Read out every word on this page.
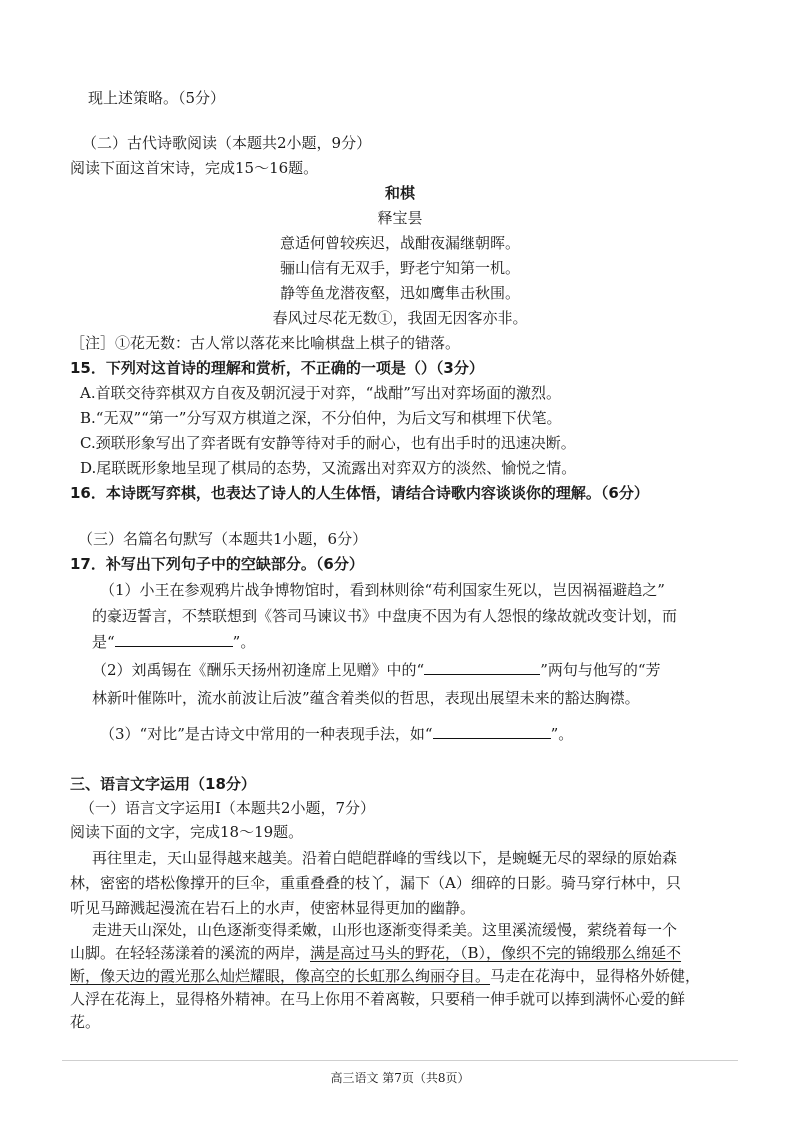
现上述策略。（5分）
（二）古代诗歌阅读（本题共2小题，9分）
阅读下面这首宋诗，完成15～16题。
和棋
释宝昙
意适何曾较疾迟，战酣夜漏继朝晖。
骊山信有无双手，野老宁知第一机。
静等鱼龙潜夜壑，迅如鹰隼击秋围。
春风过尽花无数①，我固无因客亦非。
［注］①花无数：古人常以落花来比喻棋盘上棋子的错落。
15．下列对这首诗的理解和赏析，不正确的一项是（）（3分）
A.首联交待弈棋双方自夜及朝沉浸于对弈，“战酣”写出对弈场面的激烈。
B.“无双”“第一”分写双方棋道之深，不分伯仲，为后文写和棋埋下伏笔。
C.颈联形象写出了弈者既有安静等待对手的耐心，也有出手时的迅速决断。
D.尾联既形象地呈现了棋局的态势，又流露出对弈双方的淡然、愉悦之情。
16．本诗既写弈棋，也表达了诗人的人生体悟，请结合诗歌内容谈谈你的理解。（6分）
（三）名篇名句默写（本题共1小题，6分）
17．补写出下列句子中的空缺部分。（6分）
（1）小王在参观鸦片战争博物馆时，看到林则徐“苟利国家生死以，岂因祸福避趋之”
的豪迈誓言，不禁联想到《答司马谏议书》中盘庚不因为有人怨恨的缘故就改变计划，而
是“	”。
（2）刘禹锡在《酬乐天扬州初逢席上见赠》中的“	”两句与他写的“芳
林新叶催陈叶，流水前波让后波”蕴含着类似的哲思，表现出展望未来的豁达胸襟。
（3）“对比”是古诗文中常用的一种表现手法，如“	”。
三、语言文字运用（18分）
（一）语言文字运用Ⅰ（本题共2小题，7分）
阅读下面的文字，完成18～19题。
再往里走，天山显得越来越美。沿着白皑皑群峰的雪线以下，是蜿蜒无尽的翠绿的原始森
林，密密的塔松像撑开的巨伞，重重叠叠的枝丫，漏下（A）细碎的日影。骑马穿行林中，只
听见马蹄溅起漫流在岩石上的水声，使密林显得更加的幽静。
走进天山深处，山色逐渐变得柔嫩，山形也逐渐变得柔美。这里溪流缓慢，萦绕着每一个
山脚。在轻轻荡漾着的溪流的两岸，满是高过马头的野花，（B），像织不完的锦缎那么绵延不
断，像天边的霞光那么灿烂耀眼，像高空的长虹那么绚丽夺目。马走在花海中，显得格外娇健，
人浮在花海上，显得格外精神。在马上你用不着离鞍，只要稍一伸手就可以捧到满怀心爱的鲜
花。
高三语文 第7页（共8页）
